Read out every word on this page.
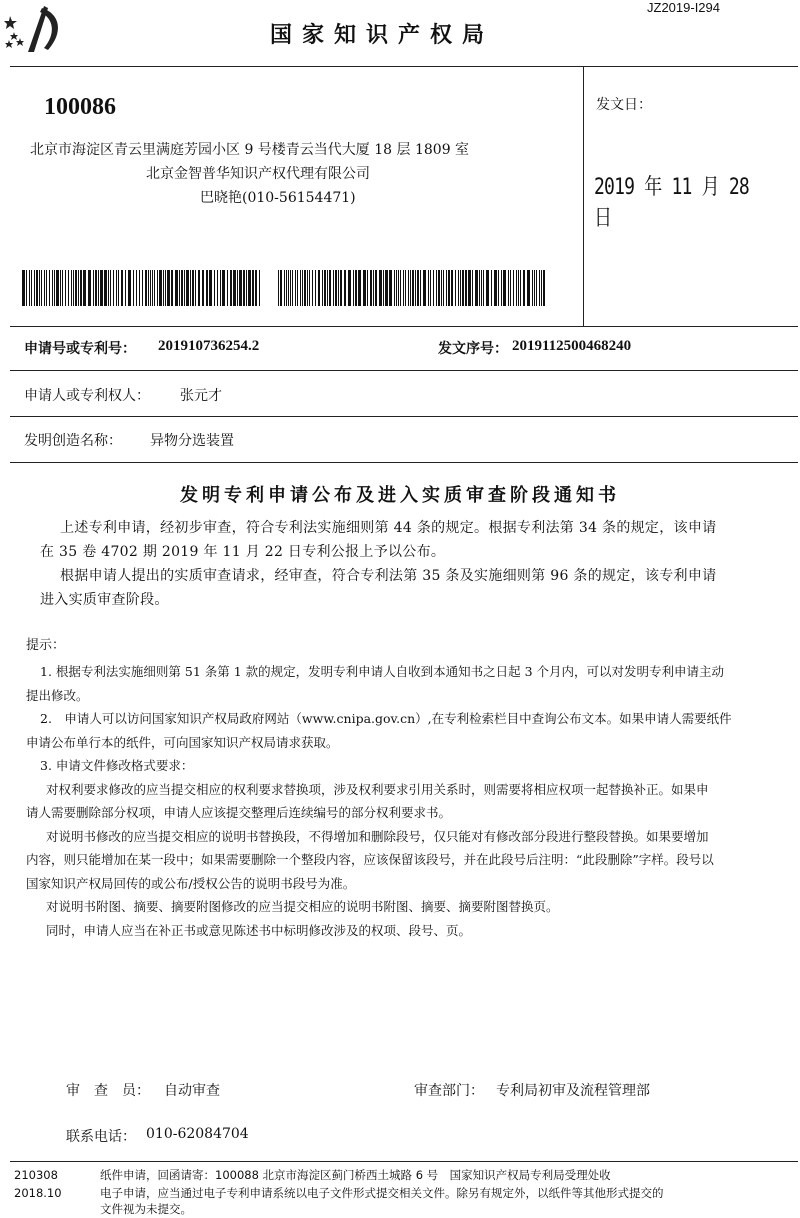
JZ2019-I294
国家知识产权局
100086
北京市海淀区青云里满庭芳园小区 9 号楼青云当代大厦 18 层 1809 室
北京金智普华知识产权代理有限公司
巴晓艳(010-56154471)
发文日：
2019 年 11 月 28 日
申请号或专利号： 201910736254.2	发文序号： 2019112500468240
申请人或专利权人： 张元才
发明创造名称： 异物分选装置
发明专利申请公布及进入实质审查阶段通知书
上述专利申请，经初步审查，符合专利法实施细则第 44 条的规定。根据专利法第 34 条的规定，该申请
在 35 卷 4702 期 2019 年 11 月 22 日专利公报上予以公布。
根据申请人提出的实质审查请求，经审查，符合专利法第 35 条及实施细则第 96 条的规定，该专利申请
进入实质审查阶段。
提示：

1. 根据专利法实施细则第 51 条第 1 款的规定，发明专利申请人自收到本通知书之日起 3 个月内，可以对发明专利申请主动

提出修改。

2.　申请人可以访问国家知识产权局政府网站（www.cnipa.gov.cn）,在专利检索栏目中查询公布文本。如果申请人需要纸件

申请公布单行本的纸件，可向国家知识产权局请求获取。

3. 申请文件修改格式要求：

对权利要求修改的应当提交相应的权利要求替换项，涉及权利要求引用关系时，则需要将相应权项一起替换补正。如果申

请人需要删除部分权项，申请人应该提交整理后连续编号的部分权利要求书。

对说明书修改的应当提交相应的说明书替换段，不得增加和删除段号，仅只能对有修改部分段进行整段替换。如果要增加

内容，则只能增加在某一段中；如果需要删除一个整段内容，应该保留该段号，并在此段号后注明：“此段删除”字样。段号以

国家知识产权局回传的或公布/授权公告的说明书段号为准。

对说明书附图、摘要、摘要附图修改的应当提交相应的说明书附图、摘要、摘要附图替换页。

同时，申请人应当在补正书或意见陈述书中标明修改涉及的权项、段号、页。

审　查　员： 自动审查	审查部门： 专利局初审及流程管理部
联系电话： 010-62084704
210308
2018.10
纸件申请，回函请寄：100088 北京市海淀区蓟门桥西土城路 6 号　国家知识产权局专利局受理处收
电子申请，应当通过电子专利申请系统以电子文件形式提交相关文件。除另有规定外，以纸件等其他形式提交的
文件视为未提交。
